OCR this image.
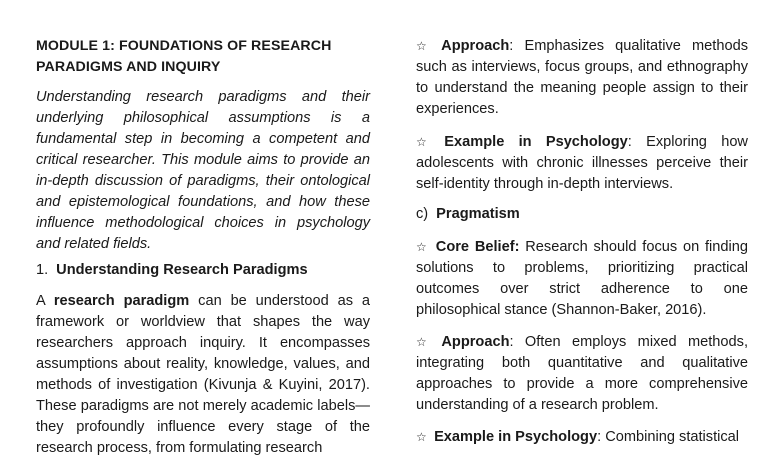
MODULE 1: FOUNDATIONS OF RESEARCH PARADIGMS AND INQUIRY

Understanding research paradigms and their underlying philosophical assumptions is a fundamental step in becoming a competent and critical researcher. This module aims to provide an in-depth discussion of paradigms, their ontological and epistemological foundations, and how these influence methodological choices in psychology and related fields.

1. Understanding Research Paradigms

A research paradigm can be understood as a framework or worldview that shapes the way researchers approach inquiry. It encompasses assumptions about reality, knowledge, values, and methods of investigation (Kivunja & Kuyini, 2017). These paradigms are not merely academic labels—they profoundly influence every stage of the research process, from formulating research

☆ Approach: Emphasizes qualitative methods such as interviews, focus groups, and ethnography to understand the meaning people assign to their experiences.

☆ Example in Psychology: Exploring how adolescents with chronic illnesses perceive their self-identity through in-depth interviews.

c) Pragmatism

☆ Core Belief: Research should focus on finding solutions to problems, prioritizing practical outcomes over strict adherence to one philosophical stance (Shannon-Baker, 2016).

☆ Approach: Often employs mixed methods, integrating both quantitative and qualitative approaches to provide a more comprehensive understanding of a research problem.

☆ Example in Psychology: Combining statistical
